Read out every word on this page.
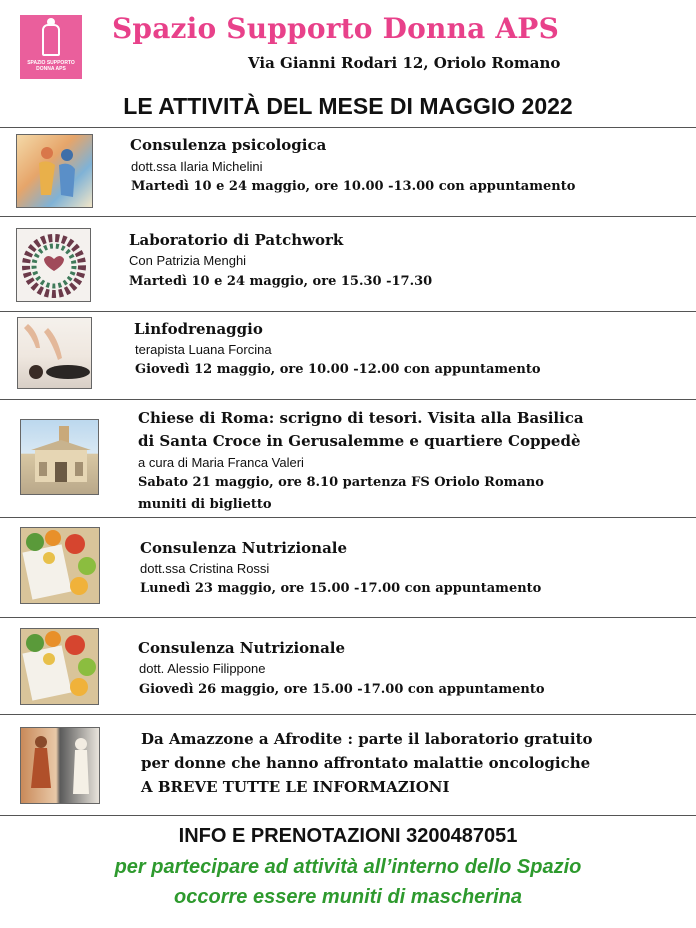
SPAZIO SUPPORTO DONNA APS
Spazio Supporto Donna APS
Via Gianni Rodari 12, Oriolo Romano
LE ATTIVITÀ DEL MESE DI MAGGIO 2022
Consulenza psicologica
dott.ssa Ilaria Michelini
Martedì 10 e 24 maggio, ore 10.00 -13.00 con appuntamento
Laboratorio di Patchwork
Con Patrizia Menghi
Martedì 10 e 24 maggio, ore 15.30 -17.30
Linfodrenaggio
terapista Luana Forcina
Giovedì 12 maggio, ore 10.00 -12.00 con appuntamento
Chiese di Roma: scrigno di tesori. Visita alla Basilica
di Santa Croce in Gerusalemme e quartiere Coppedè
a cura di Maria Franca Valeri
Sabato 21 maggio, ore 8.10 partenza FS Oriolo Romano
muniti di biglietto
Consulenza Nutrizionale
dott.ssa Cristina Rossi
Lunedì 23 maggio, ore 15.00 -17.00 con appuntamento
Consulenza Nutrizionale
dott. Alessio Filippone
Giovedì 26 maggio, ore 15.00 -17.00 con appuntamento
Da Amazzone a Afrodite : parte il laboratorio gratuito
per donne che hanno affrontato malattie oncologiche
A BREVE TUTTE LE INFORMAZIONI
INFO E PRENOTAZIONI 3200487051
per partecipare ad attività all’interno dello Spazio
occorre essere muniti di mascherina
